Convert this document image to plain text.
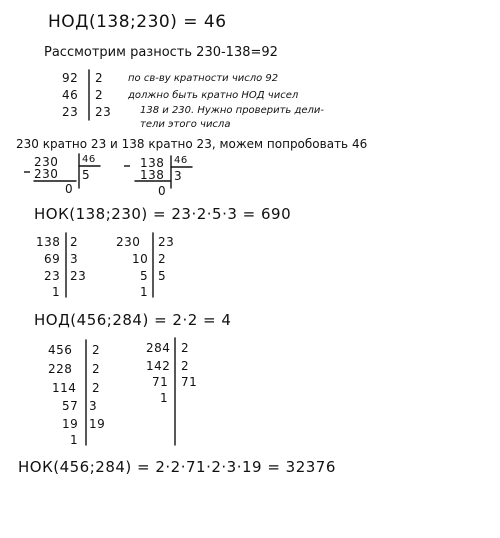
НОД(138;230) = 46
Рассмотрим разность 230-138=92
92 2
46 2
23 23
по св-ву кратности число 92
должно быть кратно НОД чисел
138 и 230. Нужно проверить дели-
тели этого числа
230 кратно 23 и 138 кратно 23, можем попробовать 46
230 46
230 5
0
138 46
138 3
0
НОК(138;230) = 23·2·5·3 = 690
138 2
69 3
23 23
1
230 23
10 2
5 5
1
НОД(456;284) = 2·2 = 4
456 2
228 2
114 2
57 3
19 19
1
284 2
142 2
71 71
1
НОК(456;284) = 2·2·71·2·3·19 = 32376
